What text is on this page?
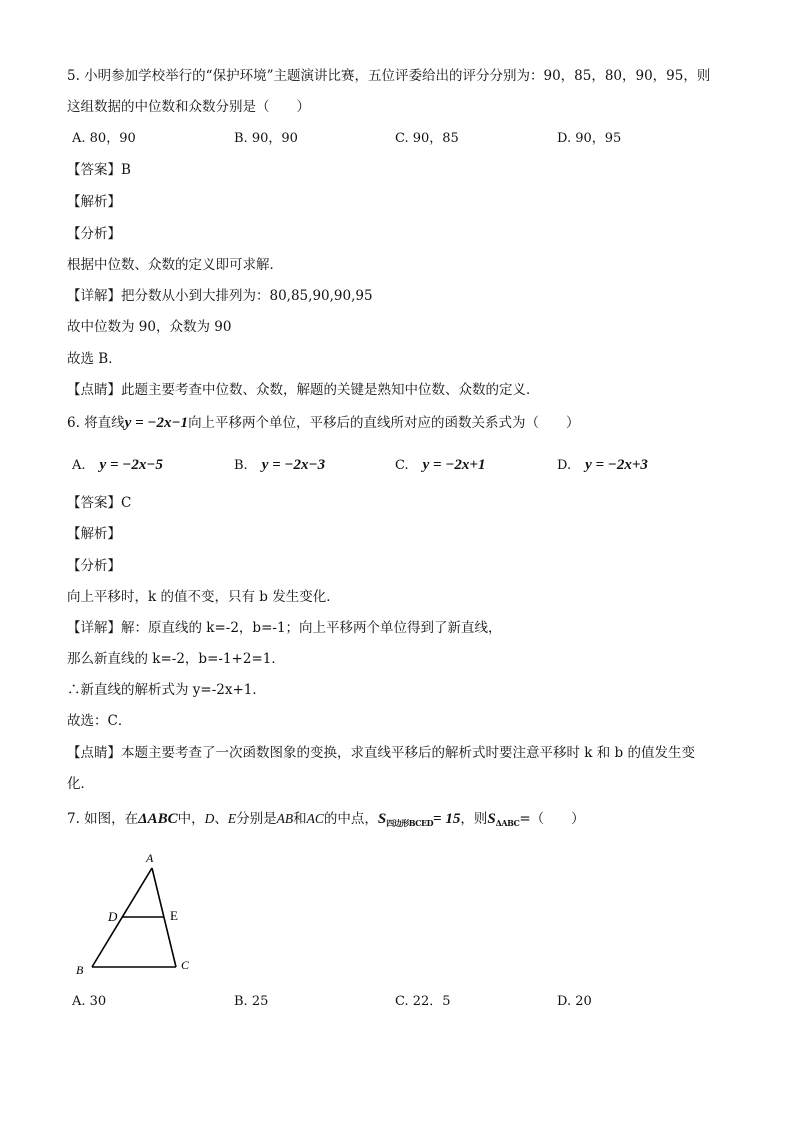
5. 小明参加学校举行的“保护环境”主题演讲比赛，五位评委给出的评分分别为：90，85，80，90，95，则
这组数据的中位数和众数分别是（　　）
A. 80，90	B. 90，90	C. 90，85	D. 90，95
【答案】B
【解析】
【分析】
根据中位数、众数的定义即可求解．
【详解】把分数从小到大排列为：80,85,90,90,95
故中位数为 90，众数为 90
故选 B．
【点睛】此题主要考查中位数、众数，解题的关键是熟知中位数、众数的定义．
6. 将直线y = −2x−1向上平移两个单位，平移后的直线所对应的函数关系式为（　　）
A. y = −2x−5	B. y = −2x−3	C. y = −2x+1	D. y = −2x+3
【答案】C
【解析】
【分析】
向上平移时，k 的值不变，只有 b 发生变化．
【详解】解：原直线的 k=-2，b=-1；向上平移两个单位得到了新直线，
那么新直线的 k=-2，b=-1+2=1．
∴新直线的解析式为 y=-2x+1．
故选：C．
【点睛】本题主要考查了一次函数图象的变换，求直线平移后的解析式时要注意平移时 k 和 b 的值发生变
化．
7. 如图，在ΔABC中，D、E分别是AB和AC的中点，$S_{四边形BCED}= 15$，则$S_{\Delta ABC}=$（　　）
A
D	E
B	C
A. 30	B. 25	C. 22．5	D. 20
